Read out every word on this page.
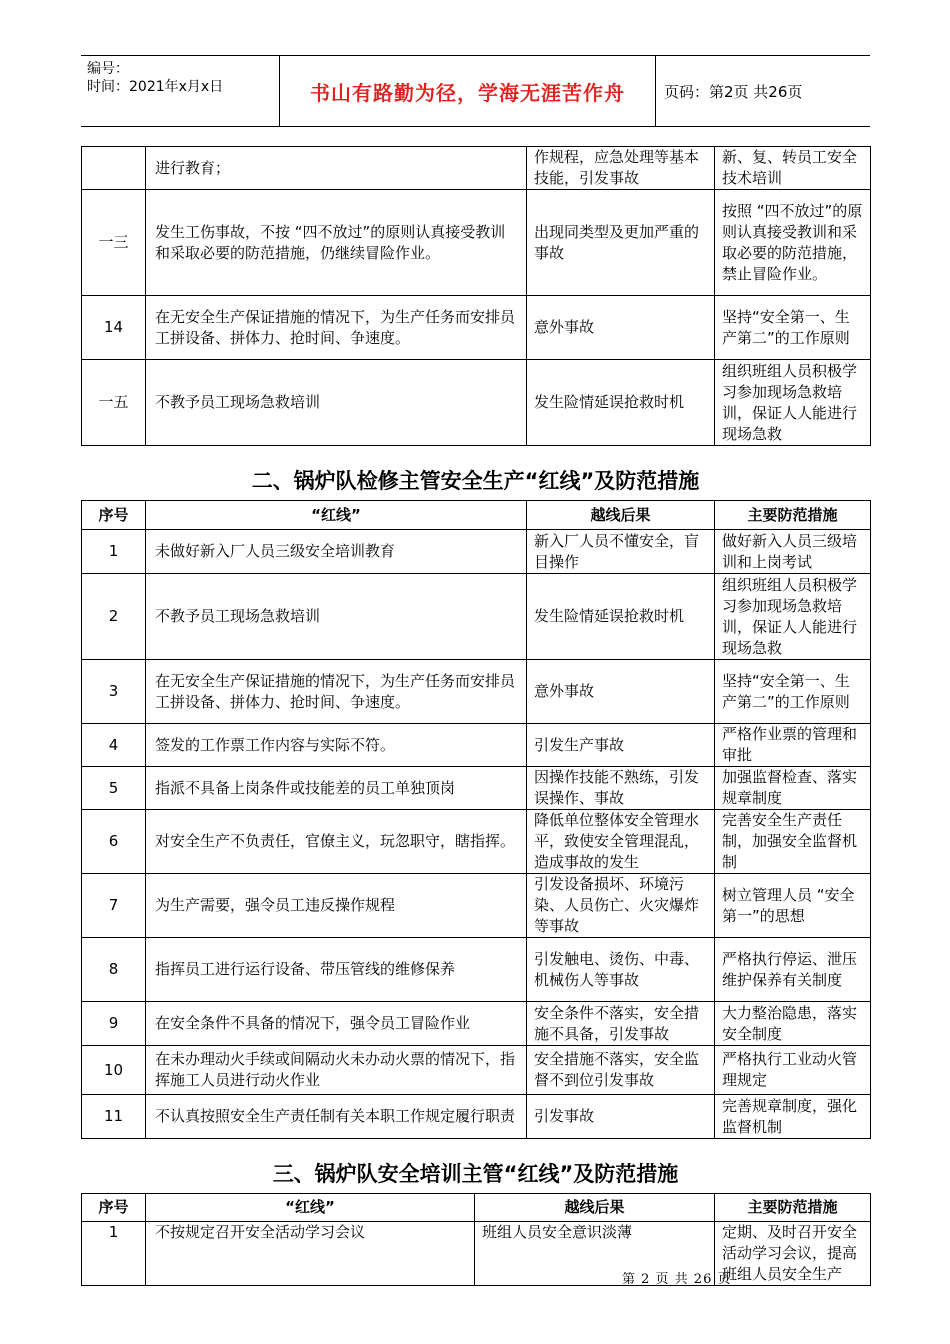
编号：
时间：2021年x月x日	书山有路勤为径，学海无涯苦作舟	页码：第2页 共26页
	进行教育；	作规程，应急处理等基本技能，引发事故	新、复、转员工安全技术培训
一三	发生工伤事故，不按 “四不放过”的原则认真接受教训和采取必要的防范措施，仍继续冒险作业。	出现同类型及更加严重的事故	按照 “四不放过”的原则认真接受教训和采取必要的防范措施，禁止冒险作业。
14	在无安全生产保证措施的情况下，为生产任务而安排员工拼设备、拼体力、抢时间、争速度。	意外事故	坚持“安全第一、生产第二”的工作原则
一五	不教予员工现场急救培训	发生险情延误抢救时机	组织班组人员积极学习参加现场急救培训，保证人人能进行现场急救
二、锅炉队检修主管安全生产“红线”及防范措施
序号	“红线”	越线后果	主要防范措施
1	未做好新入厂人员三级安全培训教育	新入厂人员不懂安全，盲目操作	做好新入人员三级培训和上岗考试
2	不教予员工现场急救培训	发生险情延误抢救时机	组织班组人员积极学习参加现场急救培训，保证人人能进行现场急救
3	在无安全生产保证措施的情况下，为生产任务而安排员工拼设备、拼体力、抢时间、争速度。	意外事故	坚持“安全第一、生产第二”的工作原则
4	签发的工作票工作内容与实际不符。	引发生产事故	严格作业票的管理和审批
5	指派不具备上岗条件或技能差的员工单独顶岗	因操作技能不熟练，引发误操作、事故	加强监督检查、落实规章制度
6	对安全生产不负责任，官僚主义，玩忽职守，瞎指挥。	降低单位整体安全管理水平，致使安全管理混乱，造成事故的发生	完善安全生产责任制，加强安全监督机制
7	为生产需要，强令员工违反操作规程	引发设备损坏、环境污染、人员伤亡、火灾爆炸等事故	树立管理人员 “安全第一”的思想
8	指挥员工进行运行设备、带压管线的维修保养	引发触电、烫伤、中毒、机械伤人等事故	严格执行停运、泄压维护保养有关制度
9	在安全条件不具备的情况下，强令员工冒险作业	安全条件不落实，安全措施不具备，引发事故	大力整治隐患，落实安全制度
10	在未办理动火手续或间隔动火未办动火票的情况下，指挥施工人员进行动火作业	安全措施不落实，安全监督不到位引发事故	严格执行工业动火管理规定
11	不认真按照安全生产责任制有关本职工作规定履行职责	引发事故	完善规章制度，强化监督机制
三、锅炉队安全培训主管“红线”及防范措施
序号	“红线”	越线后果	主要防范措施
1	不按规定召开安全活动学习会议	班组人员安全意识淡薄	定期、及时召开安全活动学习会议，提高班组人员安全生产
第 2 页 共 26 页
